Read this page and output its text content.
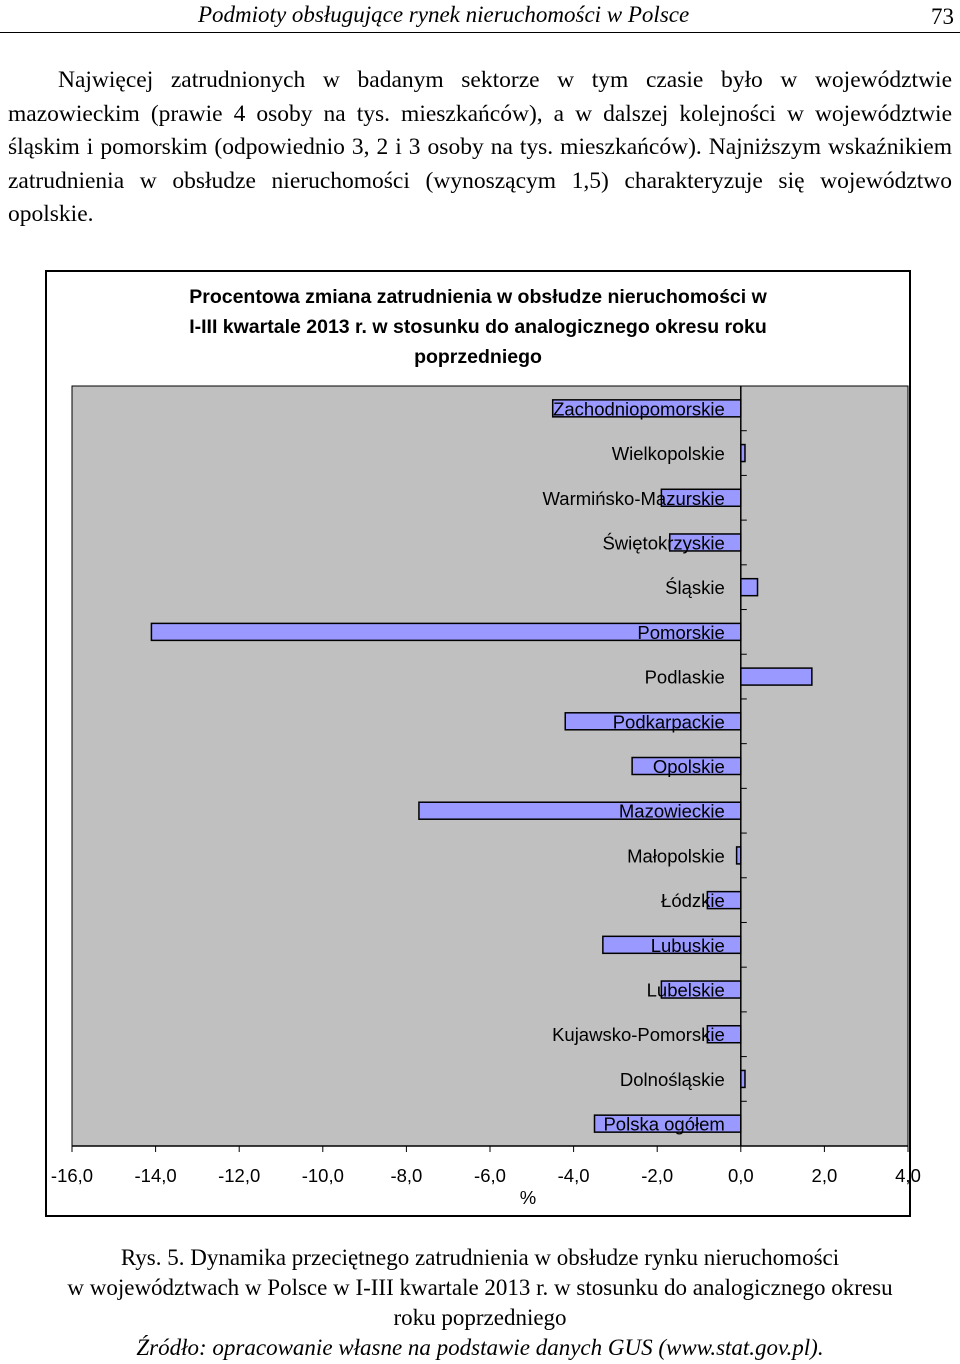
Podmioty obsługujące rynek nieruchomości w Polsce	73

Najwięcej zatrudnionych w badanym sektorze w tym czasie było w województwie mazowieckim (prawie 4 osoby na tys. mieszkańców), a w dalszej kolejności w województwie śląskim i pomorskim (odpowiednio 3, 2 i 3 osoby na tys. mieszkańców). Najniższym wskaźnikiem zatrudnienia w obsłudze nieruchomości (wynoszącym 1,5) charakteryzuje się województwo opolskie.

Procentowa zmiana zatrudnienia w obsłudze nieruchomości w
I-III kwartale 2013 r. w stosunku do analogicznego okresu roku
poprzedniego
Zachodniopomorskie
Wielkopolskie
Warmińsko-Mazurskie
Świętokrzyskie
Śląskie
Pomorskie
Podlaskie
Podkarpackie
Opolskie
Mazowieckie
Małopolskie
Łódzkie
Lubuskie
Lubelskie
Kujawsko-Pomorskie
Dolnośląskie
Polska ogółem
-16,0 -14,0 -12,0 -10,0	-8,0	-6,0	-4,0	-2,0	0,0	2,0	4,0
%
Rys. 5. Dynamika przeciętnego zatrudnienia w obsłudze rynku nieruchomości
w województwach w Polsce w I-III kwartale 2013 r. w stosunku do analogicznego okresu
roku poprzedniego
Źródło: opracowanie własne na podstawie danych GUS (www.stat.gov.pl).
